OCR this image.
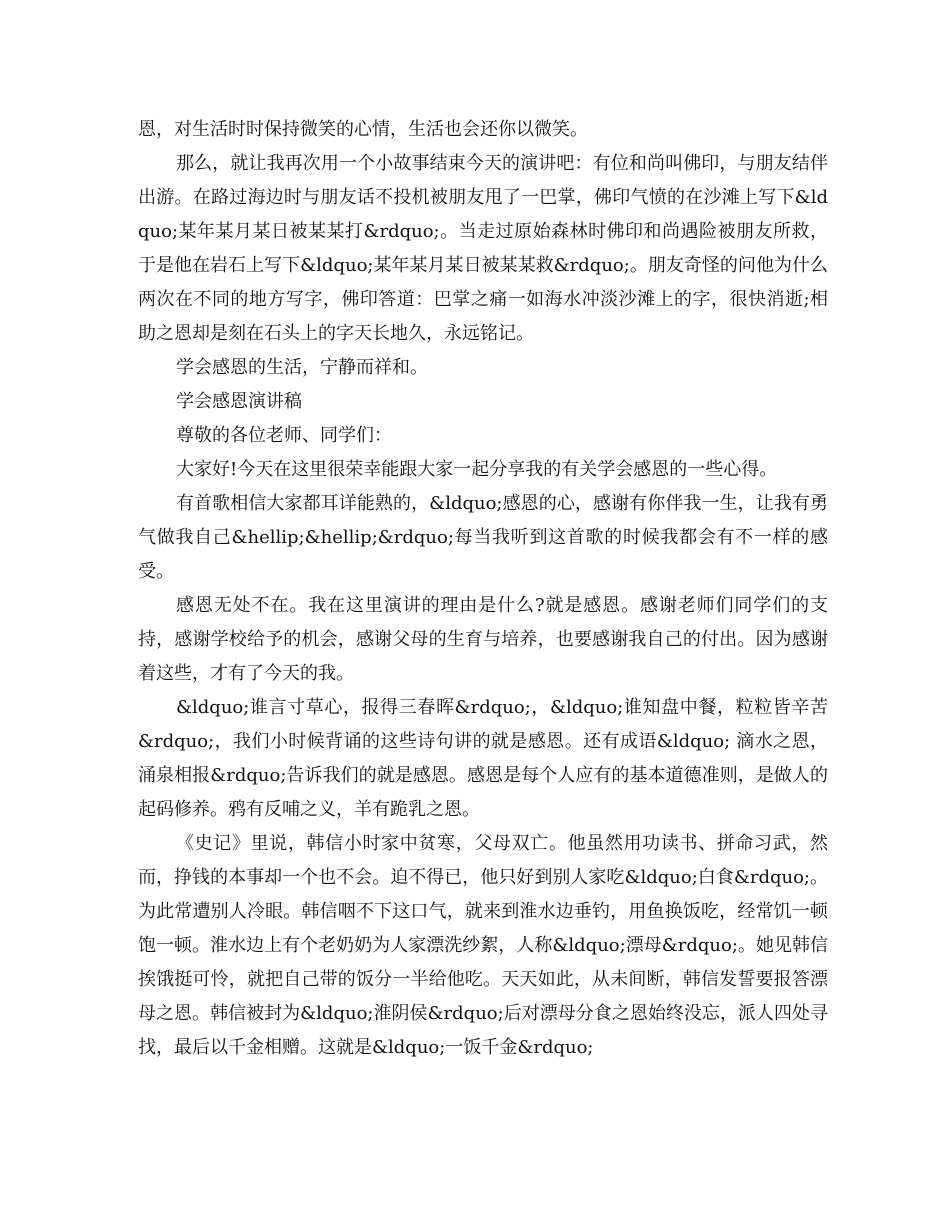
恩，对生活时时保持微笑的心情，生活也会还你以微笑。

那么，就让我再次用一个小故事结束今天的演讲吧：有位和尚叫佛印，与朋友结伴出游。在路过海边时与朋友话不投机被朋友甩了一巴掌，佛印气愤的在沙滩上写下&ldquo;某年某月某日被某某打&rdquo;。当走过原始森林时佛印和尚遇险被朋友所救，于是他在岩石上写下&ldquo;某年某月某日被某某救&rdquo;。朋友奇怪的问他为什么两次在不同的地方写字，佛印答道：巴掌之痛一如海水冲淡沙滩上的字，很快消逝;相助之恩却是刻在石头上的字天长地久，永远铭记。

学会感恩的生活，宁静而祥和。

学会感恩演讲稿

尊敬的各位老师、同学们：

大家好!今天在这里很荣幸能跟大家一起分享我的有关学会感恩的一些心得。

有首歌相信大家都耳详能熟的，&ldquo;感恩的心，感谢有你伴我一生，让我有勇气做我自己&hellip;&hellip;&rdquo;每当我听到这首歌的时候我都会有不一样的感受。

感恩无处不在。我在这里演讲的理由是什么?就是感恩。感谢老师们同学们的支持，感谢学校给予的机会，感谢父母的生育与培养，也要感谢我自己的付出。因为感谢着这些，才有了今天的我。

&ldquo;谁言寸草心，报得三春晖&rdquo;，&ldquo;谁知盘中餐，粒粒皆辛苦&rdquo;，我们小时候背诵的这些诗句讲的就是感恩。还有成语&ldquo; 滴水之恩，涌泉相报&rdquo;告诉我们的就是感恩。感恩是每个人应有的基本道德准则，是做人的起码修养。鸦有反哺之义，羊有跪乳之恩。

《史记》里说，韩信小时家中贫寒，父母双亡。他虽然用功读书、拼命习武，然而，挣钱的本事却一个也不会。迫不得已，他只好到别人家吃&ldquo;白食&rdquo;。为此常遭别人冷眼。韩信咽不下这口气，就来到淮水边垂钓，用鱼换饭吃，经常饥一顿饱一顿。淮水边上有个老奶奶为人家漂洗纱絮，人称&ldquo;漂母&rdquo;。她见韩信挨饿挺可怜，就把自己带的饭分一半给他吃。天天如此，从未间断，韩信发誓要报答漂母之恩。韩信被封为&ldquo;淮阴侯&rdquo;后对漂母分食之恩始终没忘，派人四处寻找，最后以千金相赠。这就是&ldquo;一饭千金&rdquo;
